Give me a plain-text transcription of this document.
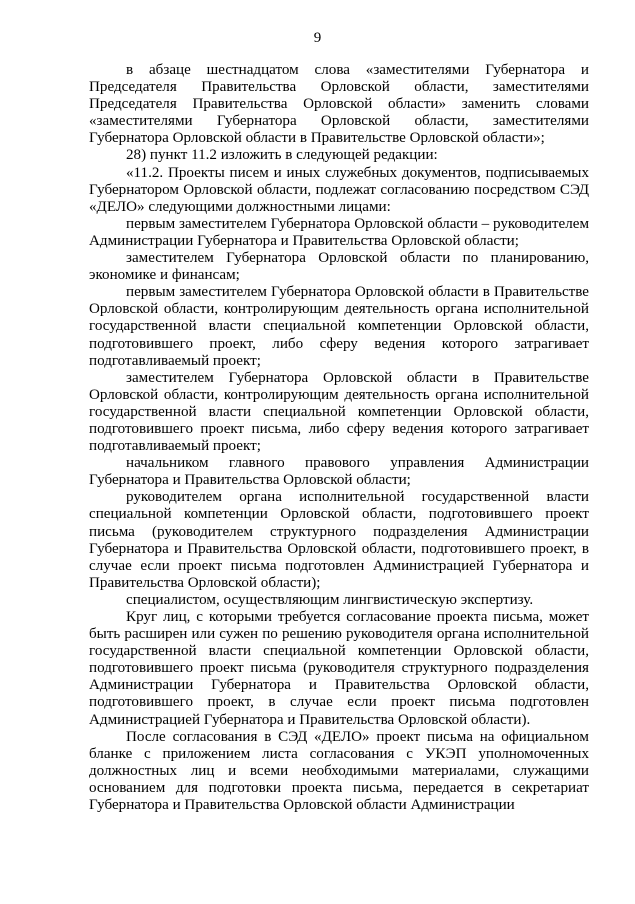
9

в абзаце шестнадцатом слова «заместителями Губернатора и Председателя Правительства Орловской области, заместителями Председателя Правительства Орловской области» заменить словами «заместителями Губернатора Орловской области, заместителями Губернатора Орловской области в Правительстве Орловской области»;

28) пункт 11.2 изложить в следующей редакции:

«11.2. Проекты писем и иных служебных документов, подписываемых Губернатором Орловской области, подлежат согласованию посредством СЭД «ДЕЛО» следующими должностными лицами:

первым заместителем Губернатора Орловской области – руководителем Администрации Губернатора и Правительства Орловской области;

заместителем Губернатора Орловской области по планированию, экономике и финансам;

первым заместителем Губернатора Орловской области в Правительстве Орловской области, контролирующим деятельность органа исполнительной государственной власти специальной компетенции Орловской области, подготовившего проект, либо сферу ведения которого затрагивает подготавливаемый проект;

заместителем Губернатора Орловской области в Правительстве Орловской области, контролирующим деятельность органа исполнительной государственной власти специальной компетенции Орловской области, подготовившего проект письма, либо сферу ведения которого затрагивает подготавливаемый проект;

начальником главного правового управления Администрации Губернатора и Правительства Орловской области;

руководителем органа исполнительной государственной власти специальной компетенции Орловской области, подготовившего проект письма (руководителем структурного подразделения Администрации Губернатора и Правительства Орловской области, подготовившего проект, в случае если проект письма подготовлен Администрацией Губернатора и Правительства Орловской области);

специалистом, осуществляющим лингвистическую экспертизу.

Круг лиц, с которыми требуется согласование проекта письма, может быть расширен или сужен по решению руководителя органа исполнительной государственной власти специальной компетенции Орловской области, подготовившего проект письма (руководителя структурного подразделения Администрации Губернатора и Правительства Орловской области, подготовившего проект, в случае если проект письма подготовлен Администрацией Губернатора и Правительства Орловской области).

После согласования в СЭД «ДЕЛО» проект письма на официальном бланке с приложением листа согласования с УКЭП уполномоченных должностных лиц и всеми необходимыми материалами, служащими основанием для подготовки проекта письма, передается в секретариат Губернатора и Правительства Орловской области Администрации
